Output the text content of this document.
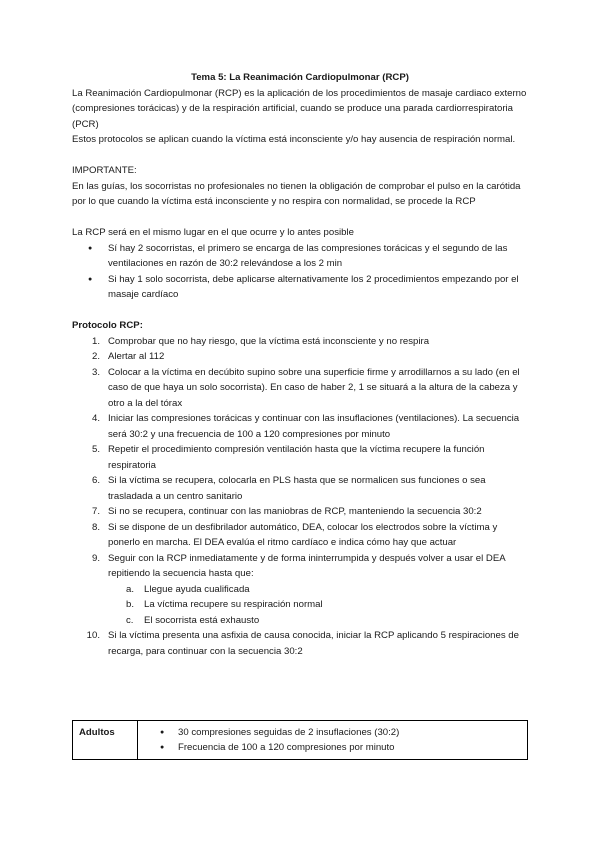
Tema 5: La Reanimación Cardiopulmonar (RCP)

La Reanimación Cardiopulmonar (RCP) es la aplicación de los procedimientos de masaje cardiaco externo (compresiones torácicas) y de la respiración artificial, cuando se produce una parada cardiorrespiratoria (PCR)

Estos protocolos se aplican cuando la víctima está inconsciente y/o hay ausencia de respiración normal.

IMPORTANTE:

En las guías, los socorristas no profesionales no tienen la obligación de comprobar el pulso en la carótida por lo que cuando la víctima está inconsciente y no respira con normalidad, se procede la RCP

La RCP será en el mismo lugar en el que ocurre y lo antes posible

● Sí hay 2 socorristas, el primero se encarga de las compresiones torácicas y el segundo de las ventilaciones en razón de 30:2 relevándose a los 2 min
● Si hay 1 solo socorrista, debe aplicarse alternativamente los 2 procedimientos empezando por el masaje cardíaco

Protocolo RCP:

1. Comprobar que no hay riesgo, que la víctima está inconsciente y no respira
2. Alertar al 112
3. Colocar a la víctima en decúbito supino sobre una superficie firme y arrodillarnos a su lado (en el caso de que haya un solo socorrista). En caso de haber 2, 1 se situará a la altura de la cabeza y otro a la del tórax
4. Iniciar las compresiones torácicas y continuar con las insuflaciones (ventilaciones). La secuencia será 30:2 y una frecuencia de 100 a 120 compresiones por minuto
5. Repetir el procedimiento compresión ventilación hasta que la víctima recupere la función respiratoria
6. Si la víctima se recupera, colocarla en PLS hasta que se normalicen sus funciones o sea trasladada a un centro sanitario
7. Si no se recupera, continuar con las maniobras de RCP, manteniendo la secuencia 30:2
8. Si se dispone de un desfibrilador automático, DEA, colocar los electrodos sobre la víctima y ponerlo en marcha. El DEA evalúa el ritmo cardíaco e indica cómo hay que actuar
9. Seguir con la RCP inmediatamente y de forma ininterrumpida y después volver a usar el DEA repitiendo la secuencia hasta que:
a. Llegue ayuda cualificada
b. La víctima recupere su respiración normal
c. El socorrista está exhausto
10. Si la víctima presenta una asfixia de causa conocida, iniciar la RCP aplicando 5 respiraciones de recarga, para continuar con la secuencia 30:2
Adultos	
●30 compresiones seguidas de 2 insuflaciones (30:2)
● Frecuencia de 100 a 120 compresiones por minuto
